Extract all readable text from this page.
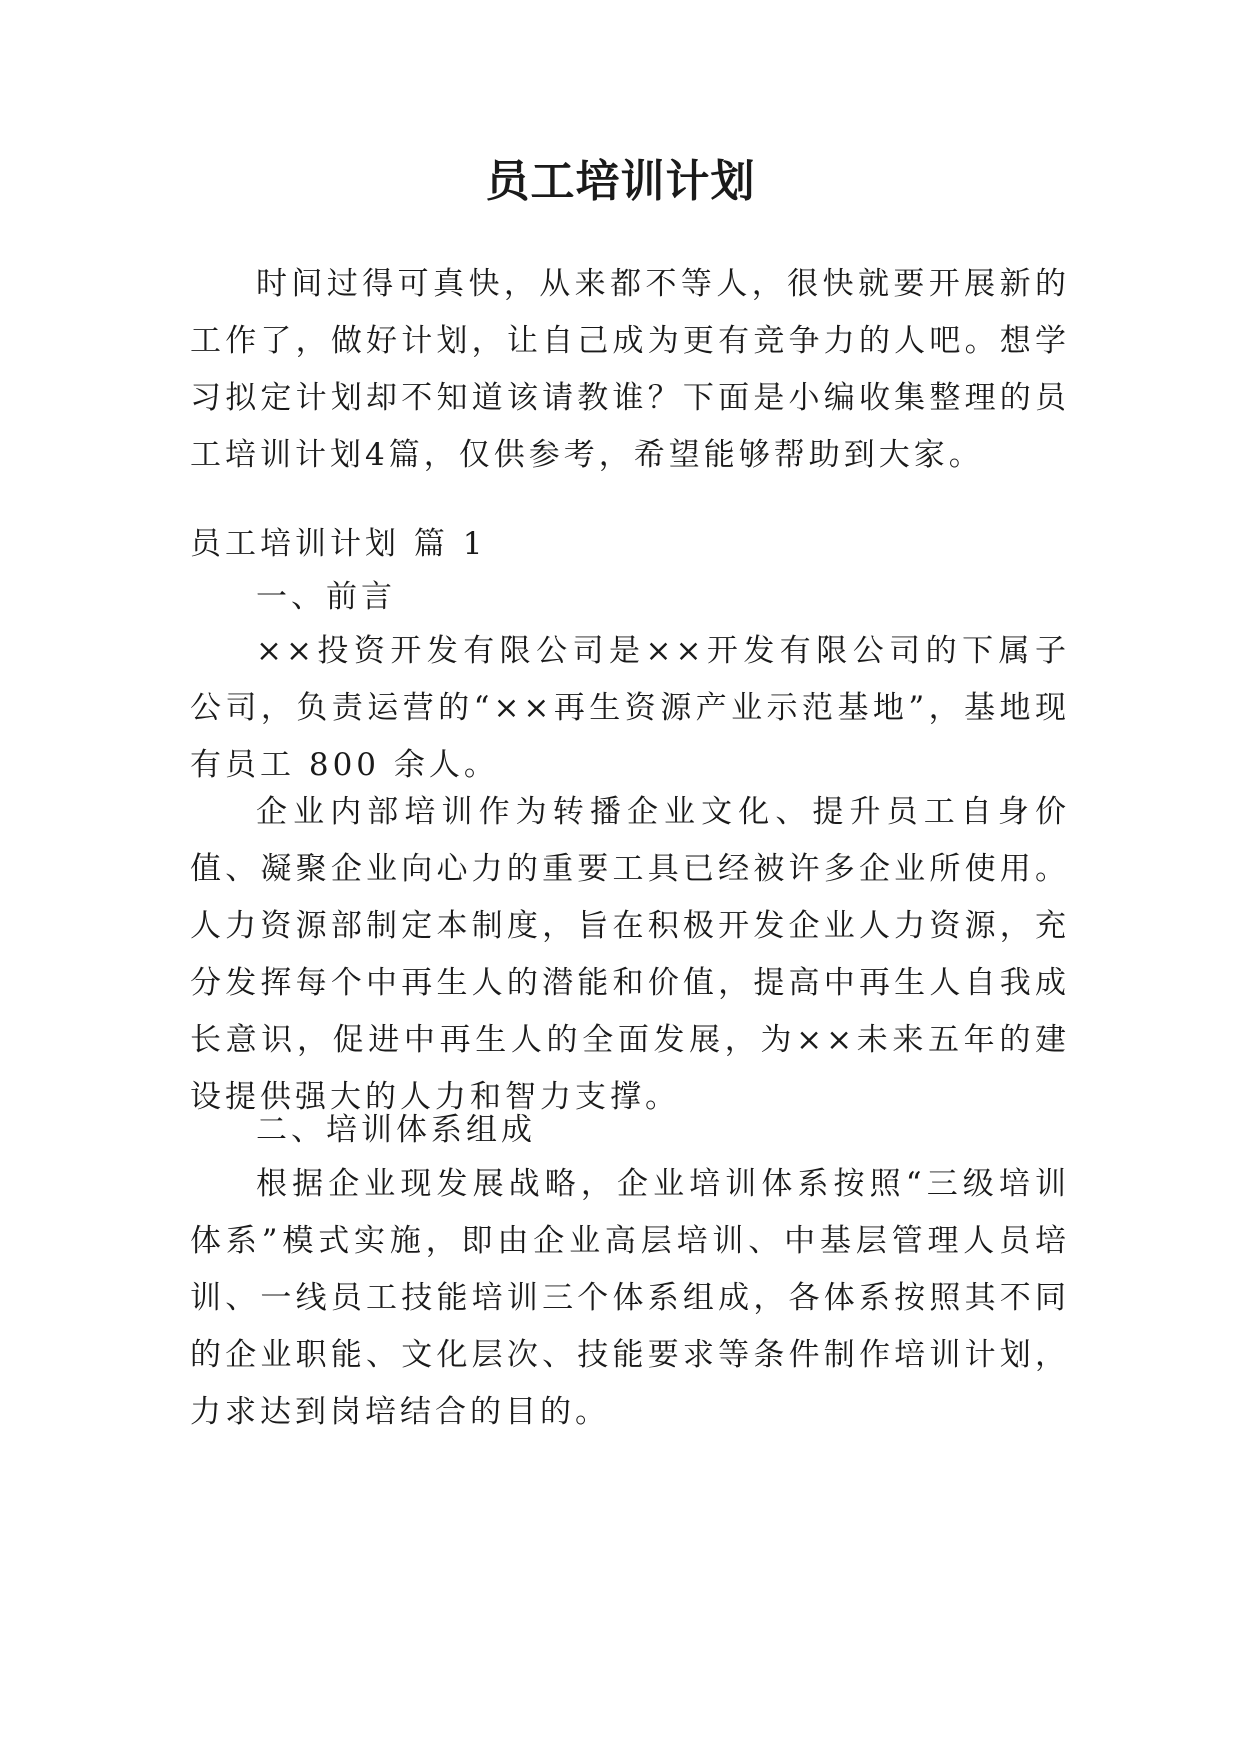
员工培训计划

时间过得可真快，从来都不等人，很快就要开展新的工作了，做好计划，让自己成为更有竞争力的人吧。想学习拟定计划却不知道该请教谁？下面是小编收集整理的员工培训计划4篇，仅供参考，希望能够帮助到大家。

员工培训计划 篇 1
一、前言

××投资开发有限公司是××开发有限公司的下属子公司，负责运营的“××再生资源产业示范基地”，基地现有员工 800 余人。

企业内部培训作为转播企业文化、提升员工自身价值、凝聚企业向心力的重要工具已经被许多企业所使用。人力资源部制定本制度，旨在积极开发企业人力资源，充分发挥每个中再生人的潜能和价值，提高中再生人自我成长意识，促进中再生人的全面发展，为××未来五年的建设提供强大的人力和智力支撑。

二、培训体系组成

根据企业现发展战略，企业培训体系按照“三级培训体系”模式实施，即由企业高层培训、中基层管理人员培训、一线员工技能培训三个体系组成，各体系按照其不同的企业职能、文化层次、技能要求等条件制作培训计划，力求达到岗培结合的目的。
